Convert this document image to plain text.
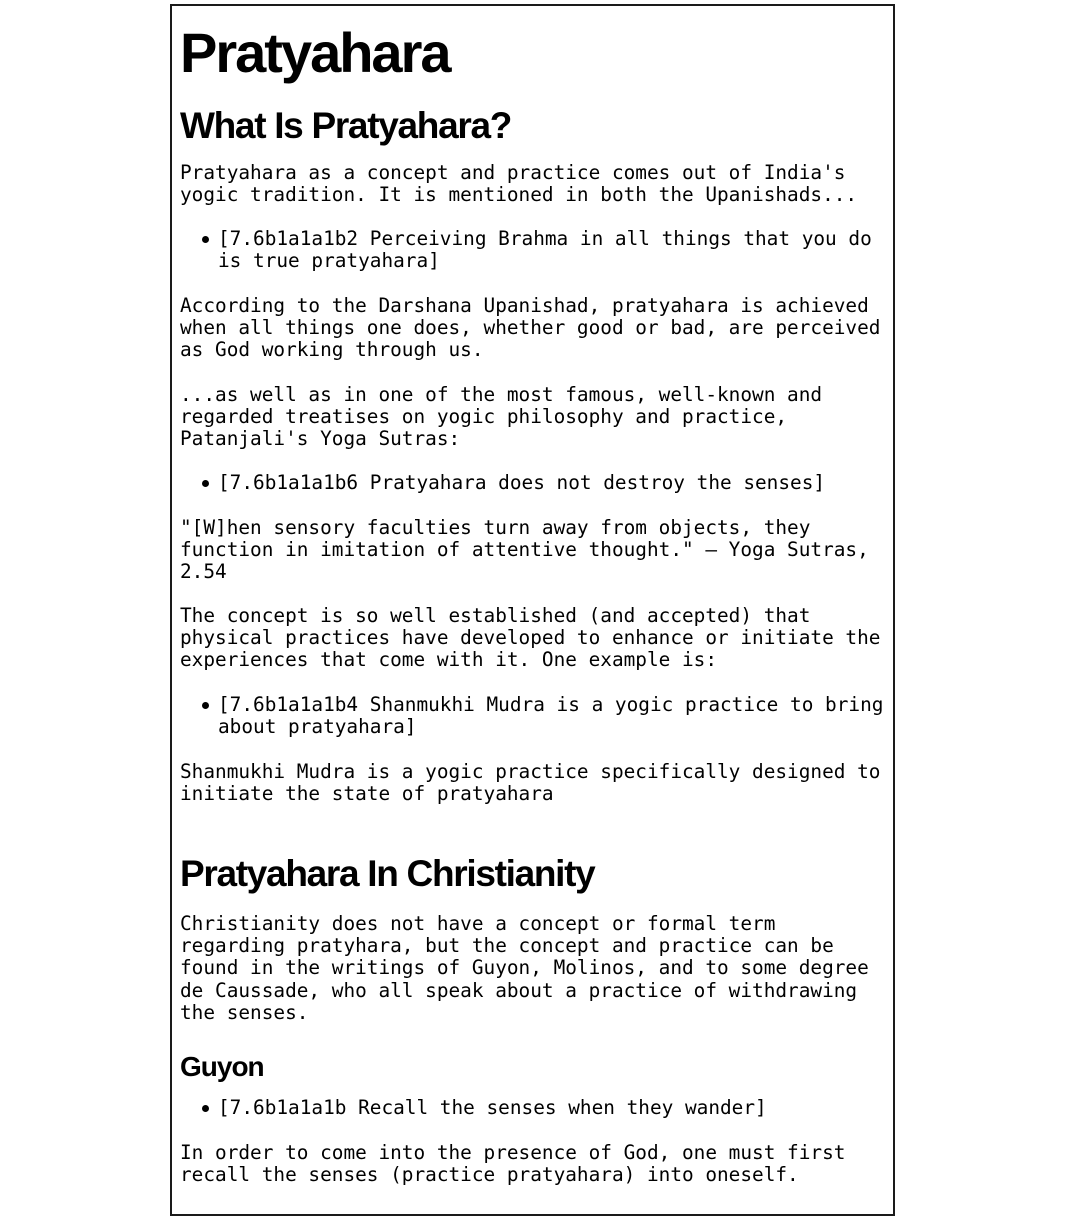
Pratyahara
What Is Pratyahara?

Pratyahara as a concept and practice comes out of India's yogic tradition. It is mentioned in both the Upanishads...

[7.6b1a1a1b2 Perceiving Brahma in all things that you do is true pratyahara]

According to the Darshana Upanishad, pratyahara is achieved when all things one does, whether good or bad, are perceived as God working through us.

...as well as in one of the most famous, well-known and regarded treatises on yogic philosophy and practice, Patanjali's Yoga Sutras:

[7.6b1a1a1b6 Pratyahara does not destroy the senses]

"[W]hen sensory faculties turn away from objects, they function in imitation of attentive thought." — Yoga Sutras, 2.54

The concept is so well established (and accepted) that physical practices have developed to enhance or initiate the experiences that come with it. One example is:

[7.6b1a1a1b4 Shanmukhi Mudra is a yogic practice to bring about pratyahara]

Shanmukhi Mudra is a yogic practice specifically designed to initiate the state of pratyahara

Pratyahara In Christianity

Christianity does not have a concept or formal term regarding pratyhara, but the concept and practice can be found in the writings of Guyon, Molinos, and to some degree de Caussade, who all speak about a practice of withdrawing the senses.

Guyon

[7.6b1a1a1b Recall the senses when they wander]

In order to come into the presence of God, one must first recall the senses (practice pratyahara) into oneself.
